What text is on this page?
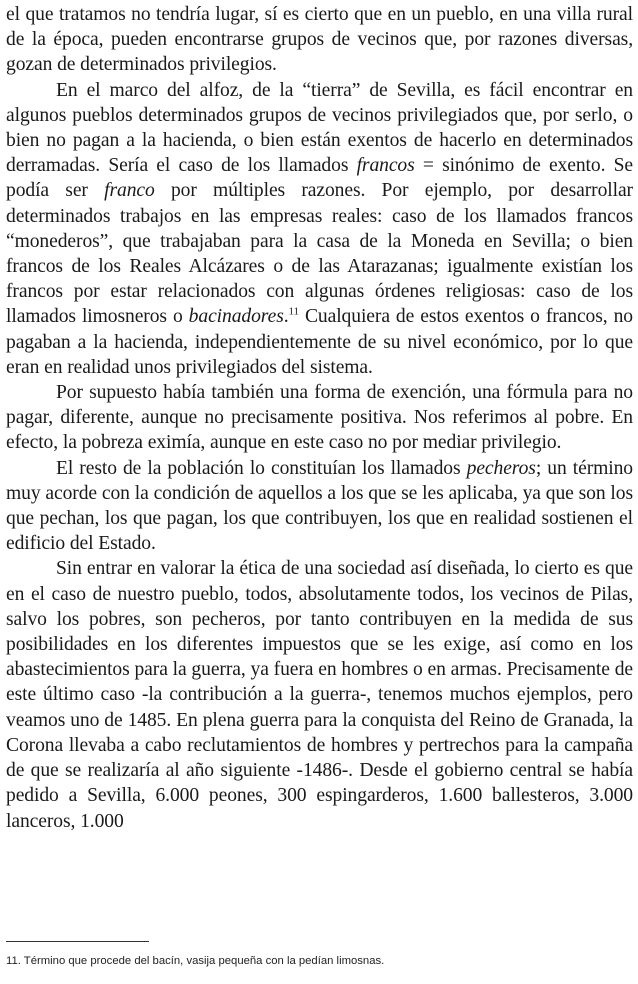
el que tratamos no tendría lugar, sí es cierto que en un pueblo, en una villa rural de la época, pueden encontrarse grupos de vecinos que, por razones diversas, gozan de determinados privilegios.

En el marco del alfoz, de la “tierra” de Sevilla, es fácil encontrar en algunos pueblos determinados grupos de vecinos privilegiados que, por serlo, o bien no pagan a la hacienda, o bien están exentos de hacerlo en determinados derramadas. Sería el caso de los llamados francos = sinónimo de exento. Se podía ser franco por múltiples razones. Por ejemplo, por desarrollar determinados trabajos en las empresas reales: caso de los llamados francos “monederos”, que trabajaban para la casa de la Moneda en Sevilla; o bien francos de los Reales Alcázares o de las Atarazanas; igualmente existían los francos por estar relacionados con algunas órdenes religiosas: caso de los llamados limosneros o bacinadores.$^{11}$ Cualquiera de estos exentos o francos, no pagaban a la hacienda, independientemente de su nivel económico, por lo que eran en realidad unos privilegiados del sistema.

Por supuesto había también una forma de exención, una fórmula para no pagar, diferente, aunque no precisamente positiva. Nos referimos al pobre. En efecto, la pobreza eximía, aunque en este caso no por mediar privilegio.

El resto de la población lo constituían los llamados pecheros; un término muy acorde con la condición de aquellos a los que se les aplicaba, ya que son los que pechan, los que pagan, los que contribuyen, los que en realidad sostienen el edificio del Estado.

Sin entrar en valorar la ética de una sociedad así diseñada, lo cierto es que en el caso de nuestro pueblo, todos, absolutamente todos, los vecinos de Pilas, salvo los pobres, son pecheros, por tanto contribuyen en la medida de sus posibilidades en los diferentes impuestos que se les exige, así como en los abastecimientos para la guerra, ya fuera en hombres o en armas. Precisamente de este último caso -la contribución a la guerra-, tenemos muchos ejemplos, pero veamos uno de 1485. En plena guerra para la conquista del Reino de Granada, la Corona llevaba a cabo reclutamientos de hombres y pertrechos para la campaña de que se realizaría al año siguiente -1486-. Desde el gobierno central se había pedido a Sevilla, 6.000 peones, 300 espingarderos, 1.600 ballesteros, 3.000 lanceros, 1.000

11. Término que procede del bacín, vasija pequeña con la pedían limosnas.
